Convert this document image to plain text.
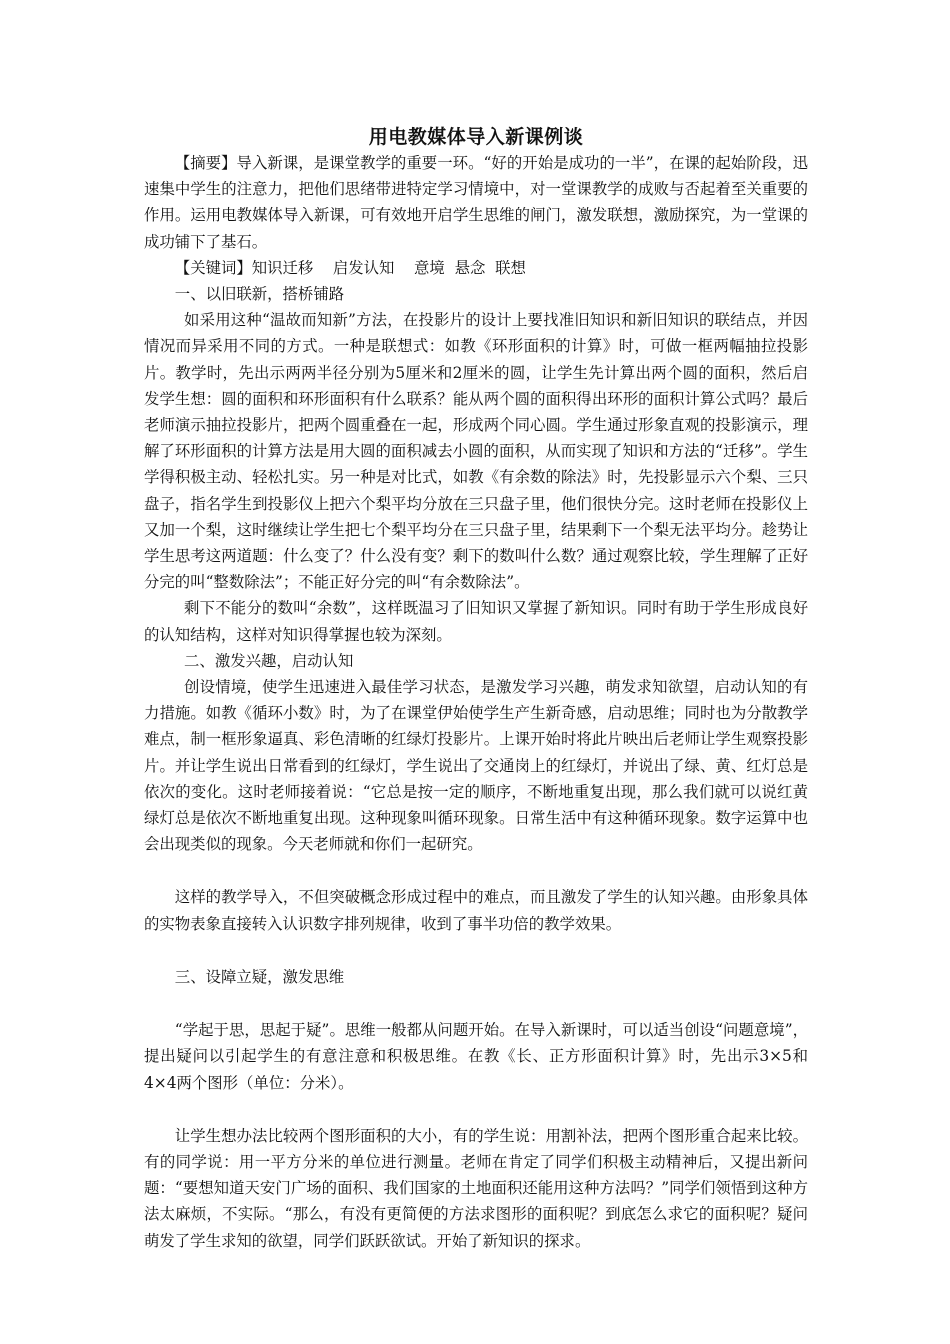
用电教媒体导入新课例谈

【摘要】导入新课，是课堂教学的重要一环。“好的开始是成功的一半”，在课的起始阶段，迅速集中学生的注意力，把他们思绪带进特定学习情境中，对一堂课教学的成败与否起着至关重要的作用。运用电教媒体导入新课，可有效地开启学生思维的闸门，激发联想，激励探究，为一堂课的成功铺下了基石。

【关键词】知识迁移    启发认知    意境  悬念  联想

一、以旧联新，搭桥铺路

如采用这种“温故而知新”方法，在投影片的设计上要找准旧知识和新旧知识的联结点，并因情况而异采用不同的方式。一种是联想式：如教《环形面积的计算》时，可做一框两幅抽拉投影片。教学时，先出示两两半径分别为5厘米和2厘米的圆，让学生先计算出两个圆的面积，然后启发学生想：圆的面积和环形面积有什么联系？能从两个圆的面积得出环形的面积计算公式吗？最后老师演示抽拉投影片，把两个圆重叠在一起，形成两个同心圆。学生通过形象直观的投影演示，理解了环形面积的计算方法是用大圆的面积减去小圆的面积，从而实现了知识和方法的“迁移”。学生学得积极主动、轻松扎实。另一种是对比式，如教《有余数的除法》时，先投影显示六个梨、三只盘子，指名学生到投影仪上把六个梨平均分放在三只盘子里，他们很快分完。这时老师在投影仪上又加一个梨，这时继续让学生把七个梨平均分在三只盘子里，结果剩下一个梨无法平均分。趁势让学生思考这两道题：什么变了？什么没有变？剩下的数叫什么数？通过观察比较，学生理解了正好分完的叫“整数除法”；不能正好分完的叫“有余数除法”。

剩下不能分的数叫“余数”，这样既温习了旧知识又掌握了新知识。同时有助于学生形成良好的认知结构，这样对知识得掌握也较为深刻。

二、激发兴趣，启动认知

创设情境，使学生迅速进入最佳学习状态，是激发学习兴趣，萌发求知欲望，启动认知的有力措施。如教《循环小数》时，为了在课堂伊始使学生产生新奇感，启动思维；同时也为分散教学难点，制一框形象逼真、彩色清晰的红绿灯投影片。上课开始时将此片映出后老师让学生观察投影片。并让学生说出日常看到的红绿灯，学生说出了交通岗上的红绿灯，并说出了绿、黄、红灯总是依次的变化。这时老师接着说：“它总是按一定的顺序，不断地重复出现，那么我们就可以说红黄绿灯总是依次不断地重复出现。这种现象叫循环现象。日常生活中有这种循环现象。数字运算中也会出现类似的现象。今天老师就和你们一起研究。

这样的教学导入，不但突破概念形成过程中的难点，而且激发了学生的认知兴趣。由形象具体的实物表象直接转入认识数字排列规律，收到了事半功倍的教学效果。

三、设障立疑，激发思维

“学起于思，思起于疑”。思维一般都从问题开始。在导入新课时，可以适当创设“问题意境”，提出疑问以引起学生的有意注意和积极思维。在教《长、正方形面积计算》时，先出示3×5和4×4两个图形（单位：分米）。

让学生想办法比较两个图形面积的大小，有的学生说：用割补法，把两个图形重合起来比较。有的同学说：用一平方分米的单位进行测量。老师在肯定了同学们积极主动精神后，又提出新问题：“要想知道天安门广场的面积、我们国家的土地面积还能用这种方法吗？”同学们领悟到这种方法太麻烦，不实际。“那么，有没有更简便的方法求图形的面积呢？到底怎么求它的面积呢？疑问萌发了学生求知的欲望，同学们跃跃欲试。开始了新知识的探求。
